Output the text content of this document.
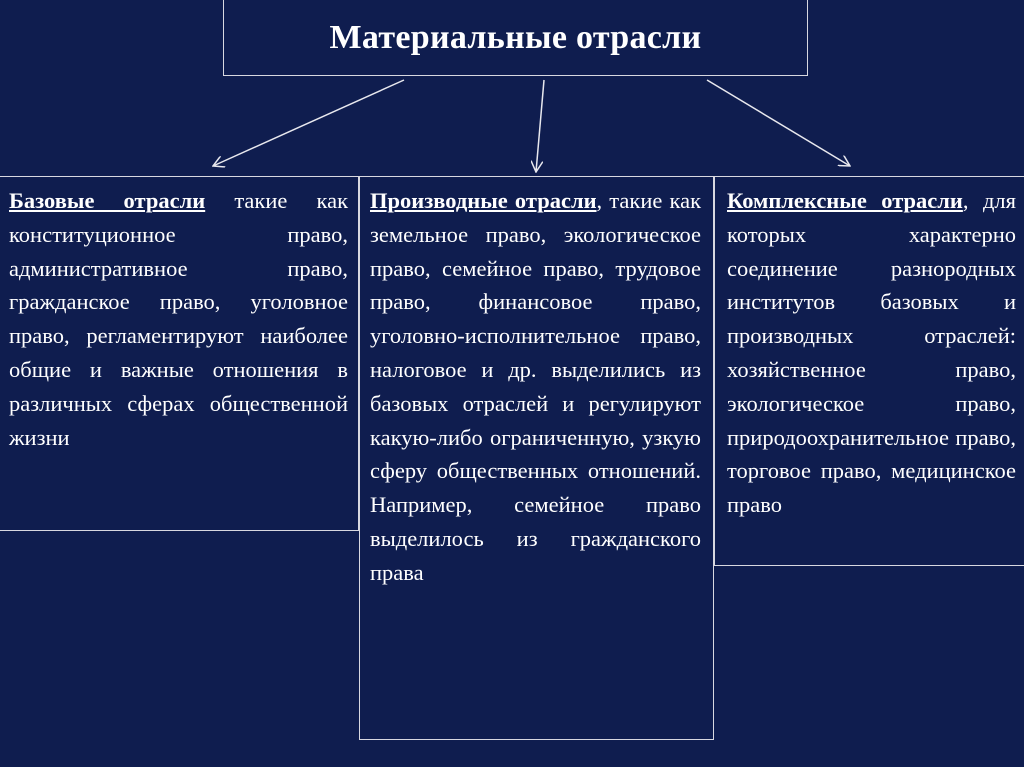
Материальные отрасли
Базовые отрасли такие как конституционное право, административное право, гражданское право, уголовное право, регламентируют наиболее общие и важные отношения в различных сферах общественной жизни
Производные отрасли, такие как земельное право, экологическое право, семейное право, трудовое право, финансовое право, уголовно-исполнительное право, налоговое и др. выделились из базовых отраслей и регулируют какую-либо ограниченную, узкую сферу общественных отношений. Например, семейное право выделилось из гражданского права
Комплексные отрасли, для которых характерно соединение разнородных институтов базовых и производных отраслей: хозяйственное право, экологическое право, природоохранительное право, торговое право, медицинское право
